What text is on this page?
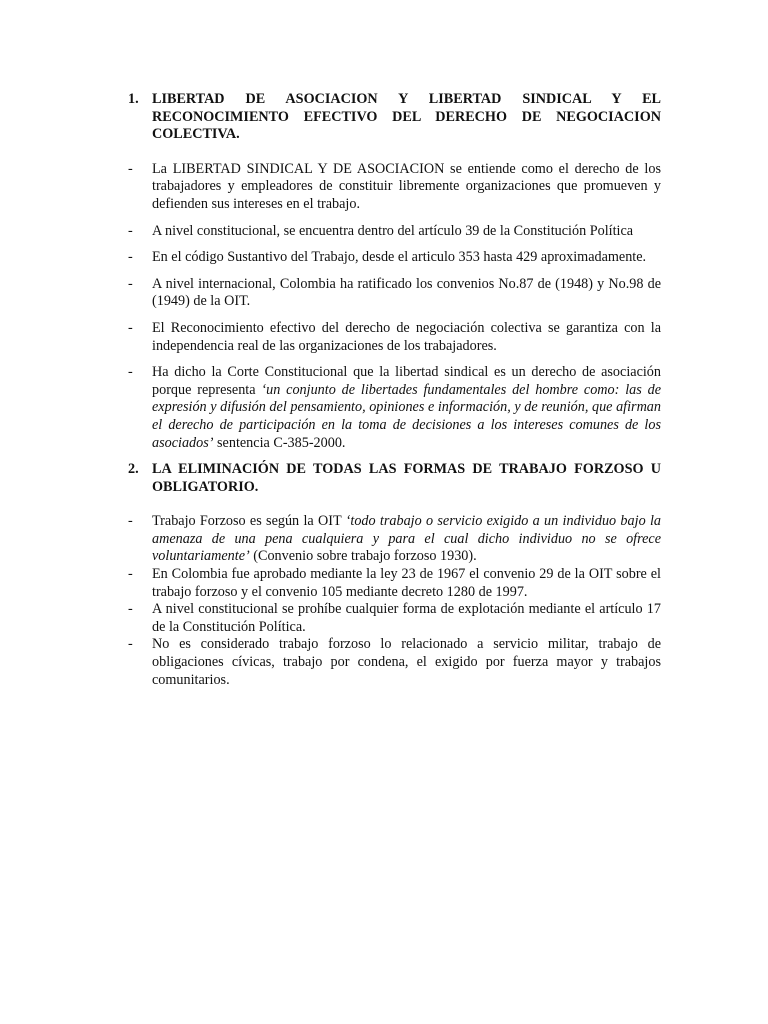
1. LIBERTAD DE ASOCIACION Y LIBERTAD SINDICAL Y EL RECONOCIMIENTO EFECTIVO DEL DERECHO DE NEGOCIACION COLECTIVA.
-	La LIBERTAD SINDICAL Y DE ASOCIACION se entiende como el derecho de los trabajadores y empleadores de constituir libremente organizaciones que promueven y defienden sus intereses en el trabajo.
-	A nivel constitucional, se encuentra dentro del artículo 39 de la Constitución Política
-	En el código Sustantivo del Trabajo, desde el articulo 353 hasta 429 aproximadamente.
-	A nivel internacional, Colombia ha ratificado los convenios No.87 de (1948) y No.98 de (1949) de la OIT.
-	El Reconocimiento efectivo del derecho de negociación colectiva se garantiza con la independencia real de las organizaciones de los trabajadores.
-	Ha dicho la Corte Constitucional que la libertad sindical es un derecho de asociación porque representa ‘un conjunto de libertades fundamentales del hombre como: las de expresión y difusión del pensamiento, opiniones e información, y de reunión, que afirman el derecho de participación en la toma de decisiones a los intereses comunes de los asociados’ sentencia C-385-2000.
2. LA ELIMINACIÓN DE TODAS LAS FORMAS DE TRABAJO FORZOSO U OBLIGATORIO.
-	Trabajo Forzoso es según la OIT ‘todo trabajo o servicio exigido a un individuo bajo la amenaza de una pena cualquiera y para el cual dicho individuo no se ofrece voluntariamente’ (Convenio sobre trabajo forzoso 1930).
-	En Colombia fue aprobado mediante la ley 23 de 1967 el convenio 29 de la OIT sobre el trabajo forzoso y el convenio 105 mediante decreto 1280 de 1997.
-	A nivel constitucional se prohíbe cualquier forma de explotación mediante el artículo 17 de la Constitución Política.
-	No es considerado trabajo forzoso lo relacionado a servicio militar, trabajo de obligaciones cívicas, trabajo por condena, el exigido por fuerza mayor y trabajos comunitarios.
